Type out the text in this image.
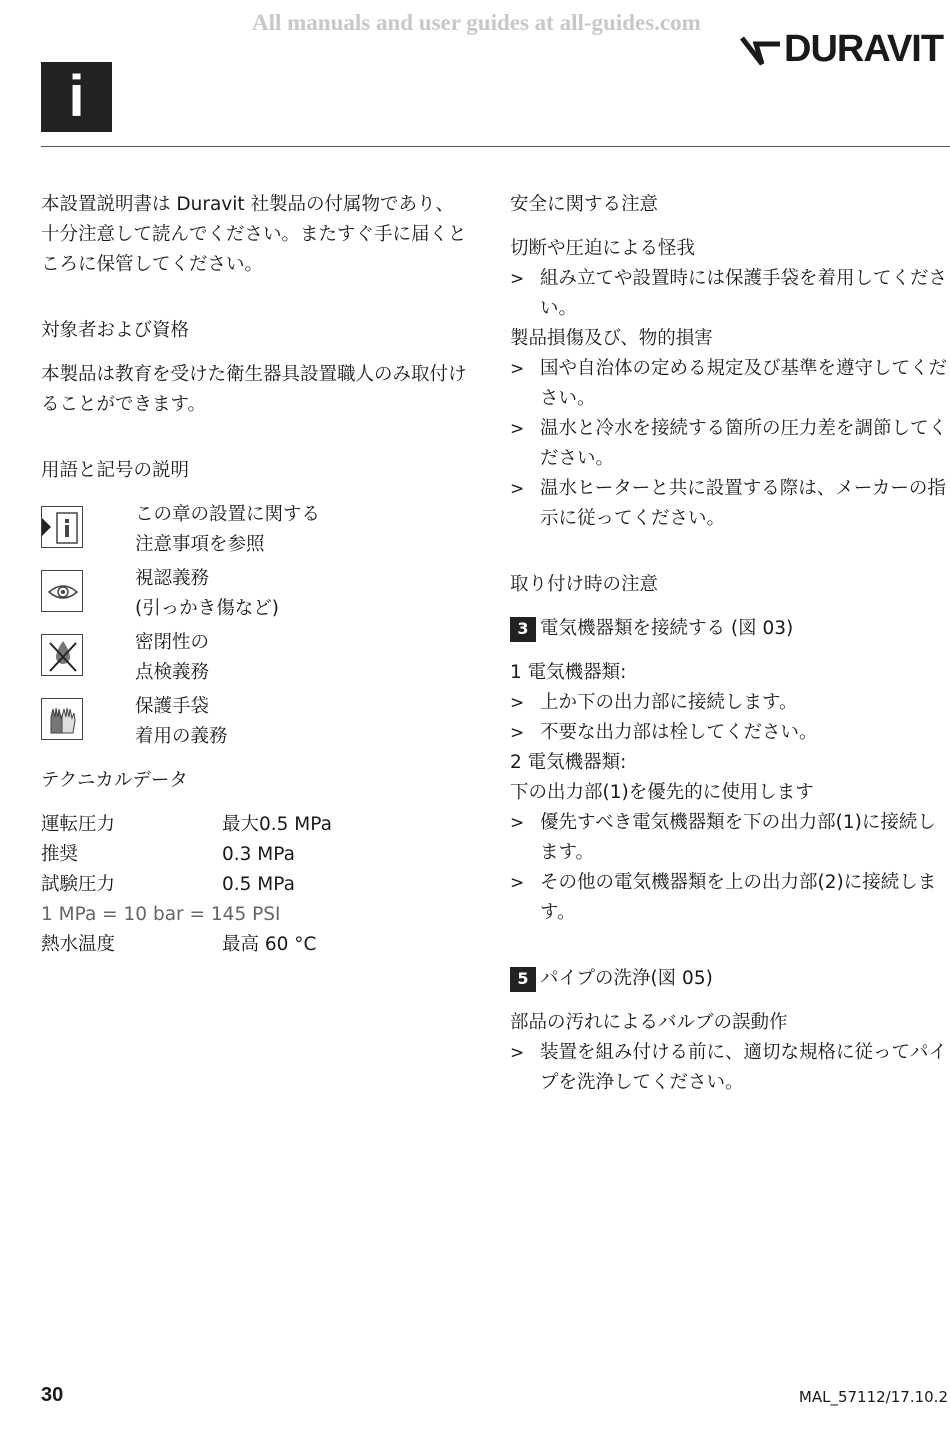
All manuals and user guides at all-guides.com
DURAVIT
i

本設置説明書は Duravit 社製品の付属物であり、十分注意して読んでください。またすぐ手に届くところに保管してください。

対象者および資格

本製品は教育を受けた衛生器具設置職人のみ取付けることができます。

用語と記号の説明

この章の設置に関する

注意事項を参照

視認義務

(引っかき傷など)

密閉性の

点検義務

保護手袋

着用の義務

テクニカルデータ

運転圧力	最大0.5 MPa
推奨	0.3 MPa
試験圧力	0.5 MPa
1 MPa = 10 bar = 145 PSI	
熱水温度	最高 60 °C

安全に関する注意

切断や圧迫による怪我

> 組み立てや設置時には保護手袋を着用してください。

製品損傷及び、物的損害

> 国や自治体の定める規定及び基準を遵守してください。

> 温水と冷水を接続する箇所の圧力差を調節してください。

> 温水ヒーターと共に設置する際は、メーカーの指示に従ってください。

取り付け時の注意

3 電気機器類を接続する (図 03)

1 電気機器類:

> 上か下の出力部に接続します。

> 不要な出力部は栓してください。

2 電気機器類:

下の出力部(1)を優先的に使用します

> 優先すべき電気機器類を下の出力部(1)に接続します。

> その他の電気機器類を上の出力部(2)に接続します。

5 パイプの洗浄(図 05)

部品の汚れによるバルブの誤動作

> 装置を組み付ける前に、適切な規格に従ってパイプを洗浄してください。

30	MAL_57112/17.10.2
